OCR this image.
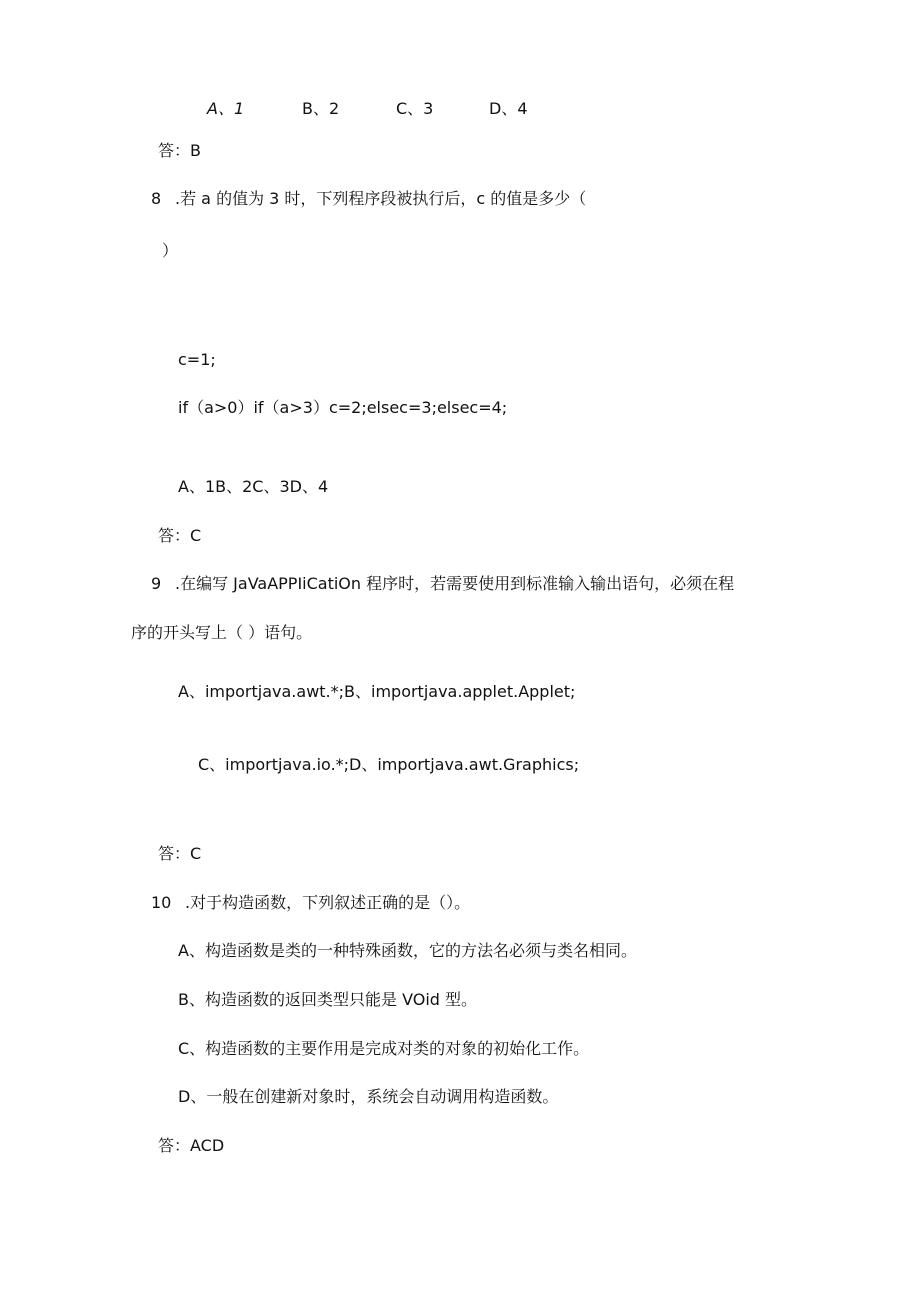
A、1	B、2	C、3	D、4
答：B
8 .若 a 的值为 3 时，下列程序段被执行后，c 的值是多少（
）
c=1;
if（a>0）if（a>3）c=2;elsec=3;elsec=4;
A、1B、2C、3D、4
答：C
9 .在编写 JaVaAPPIiCatiOn 程序时，若需要使用到标准输入输出语句，必须在程
序的开头写上（ ）语句。
A、importjava.awt.*;B、importjava.applet.Applet;
C、importjava.io.*;D、importjava.awt.Graphics;
答：C
10 .对于构造函数，下列叙述正确的是（）。
A、构造函数是类的一种特殊函数，它的方法名必须与类名相同。
B、构造函数的返回类型只能是 VOid 型。
C、构造函数的主要作用是完成对类的对象的初始化工作。
D、一般在创建新对象时，系统会自动调用构造函数。
答：ACD
